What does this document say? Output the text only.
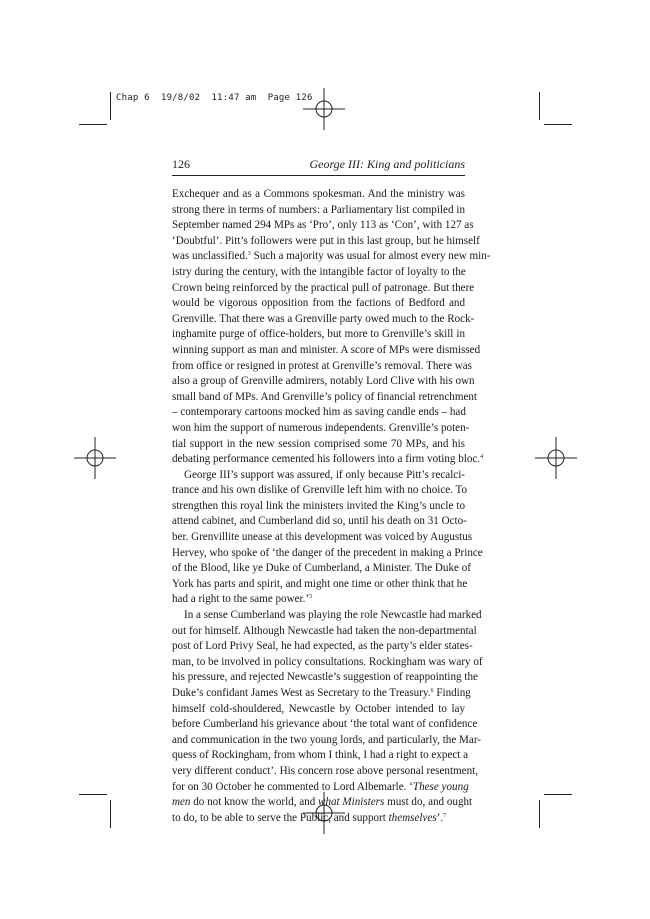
Chap 6  19/8/02  11:47 am  Page 126
126	George III: King and politicians
Exchequer and as a Commons spokesman. And the ministry was
strong there in terms of numbers: a Parliamentary list compiled in
September named 294 MPs as ‘Pro’, only 113 as ‘Con’, with 127 as
‘Doubtful’. Pitt’s followers were put in this last group, but he himself
was unclassified.$^3$ Such a majority was usual for almost every new min-
istry during the century, with the intangible factor of loyalty to the
Crown being reinforced by the practical pull of patronage. But there
would be vigorous opposition from the factions of Bedford and
Grenville. That there was a Grenville party owed much to the Rock-
inghamite purge of office-holders, but more to Grenville’s skill in
winning support as man and minister. A score of MPs were dismissed
from office or resigned in protest at Grenville’s removal. There was
also a group of Grenville admirers, notably Lord Clive with his own
small band of MPs. And Grenville’s policy of financial retrenchment
– contemporary cartoons mocked him as saving candle ends – had
won him the support of numerous independents. Grenville’s poten-
tial support in the new session comprised some 70 MPs, and his
debating performance cemented his followers into a firm voting bloc.$^4$
George III’s support was assured, if only because Pitt’s recalci-
trance and his own dislike of Grenville left him with no choice. To
strengthen this royal link the ministers invited the King’s uncle to
attend cabinet, and Cumberland did so, until his death on 31 Octo-
ber. Grenvillite unease at this development was voiced by Augustus
Hervey, who spoke of ‘the danger of the precedent in making a Prince
of the Blood, like ye Duke of Cumberland, a Minister. The Duke of
York has parts and spirit, and might one time or other think that he
had a right to the same power.’$^5$
In a sense Cumberland was playing the role Newcastle had marked
out for himself. Although Newcastle had taken the non-departmental
post of Lord Privy Seal, he had expected, as the party’s elder states-
man, to be involved in policy consultations. Rockingham was wary of
his pressure, and rejected Newcastle’s suggestion of reappointing the
Duke’s confidant James West as Secretary to the Treasury.$^6$ Finding
himself cold-shouldered, Newcastle by October intended to lay
before Cumberland his grievance about ‘the total want of confidence
and communication in the two young lords, and particularly, the Mar-
quess of Rockingham, from whom I think, I had a right to expect a
very different conduct’. His concern rose above personal resentment,
for on 30 October he commented to Lord Albemarle. ‘These young
men do not know the world, and what Ministers must do, and ought
to do, to be able to serve the Public, and support themselves’.$^7$
